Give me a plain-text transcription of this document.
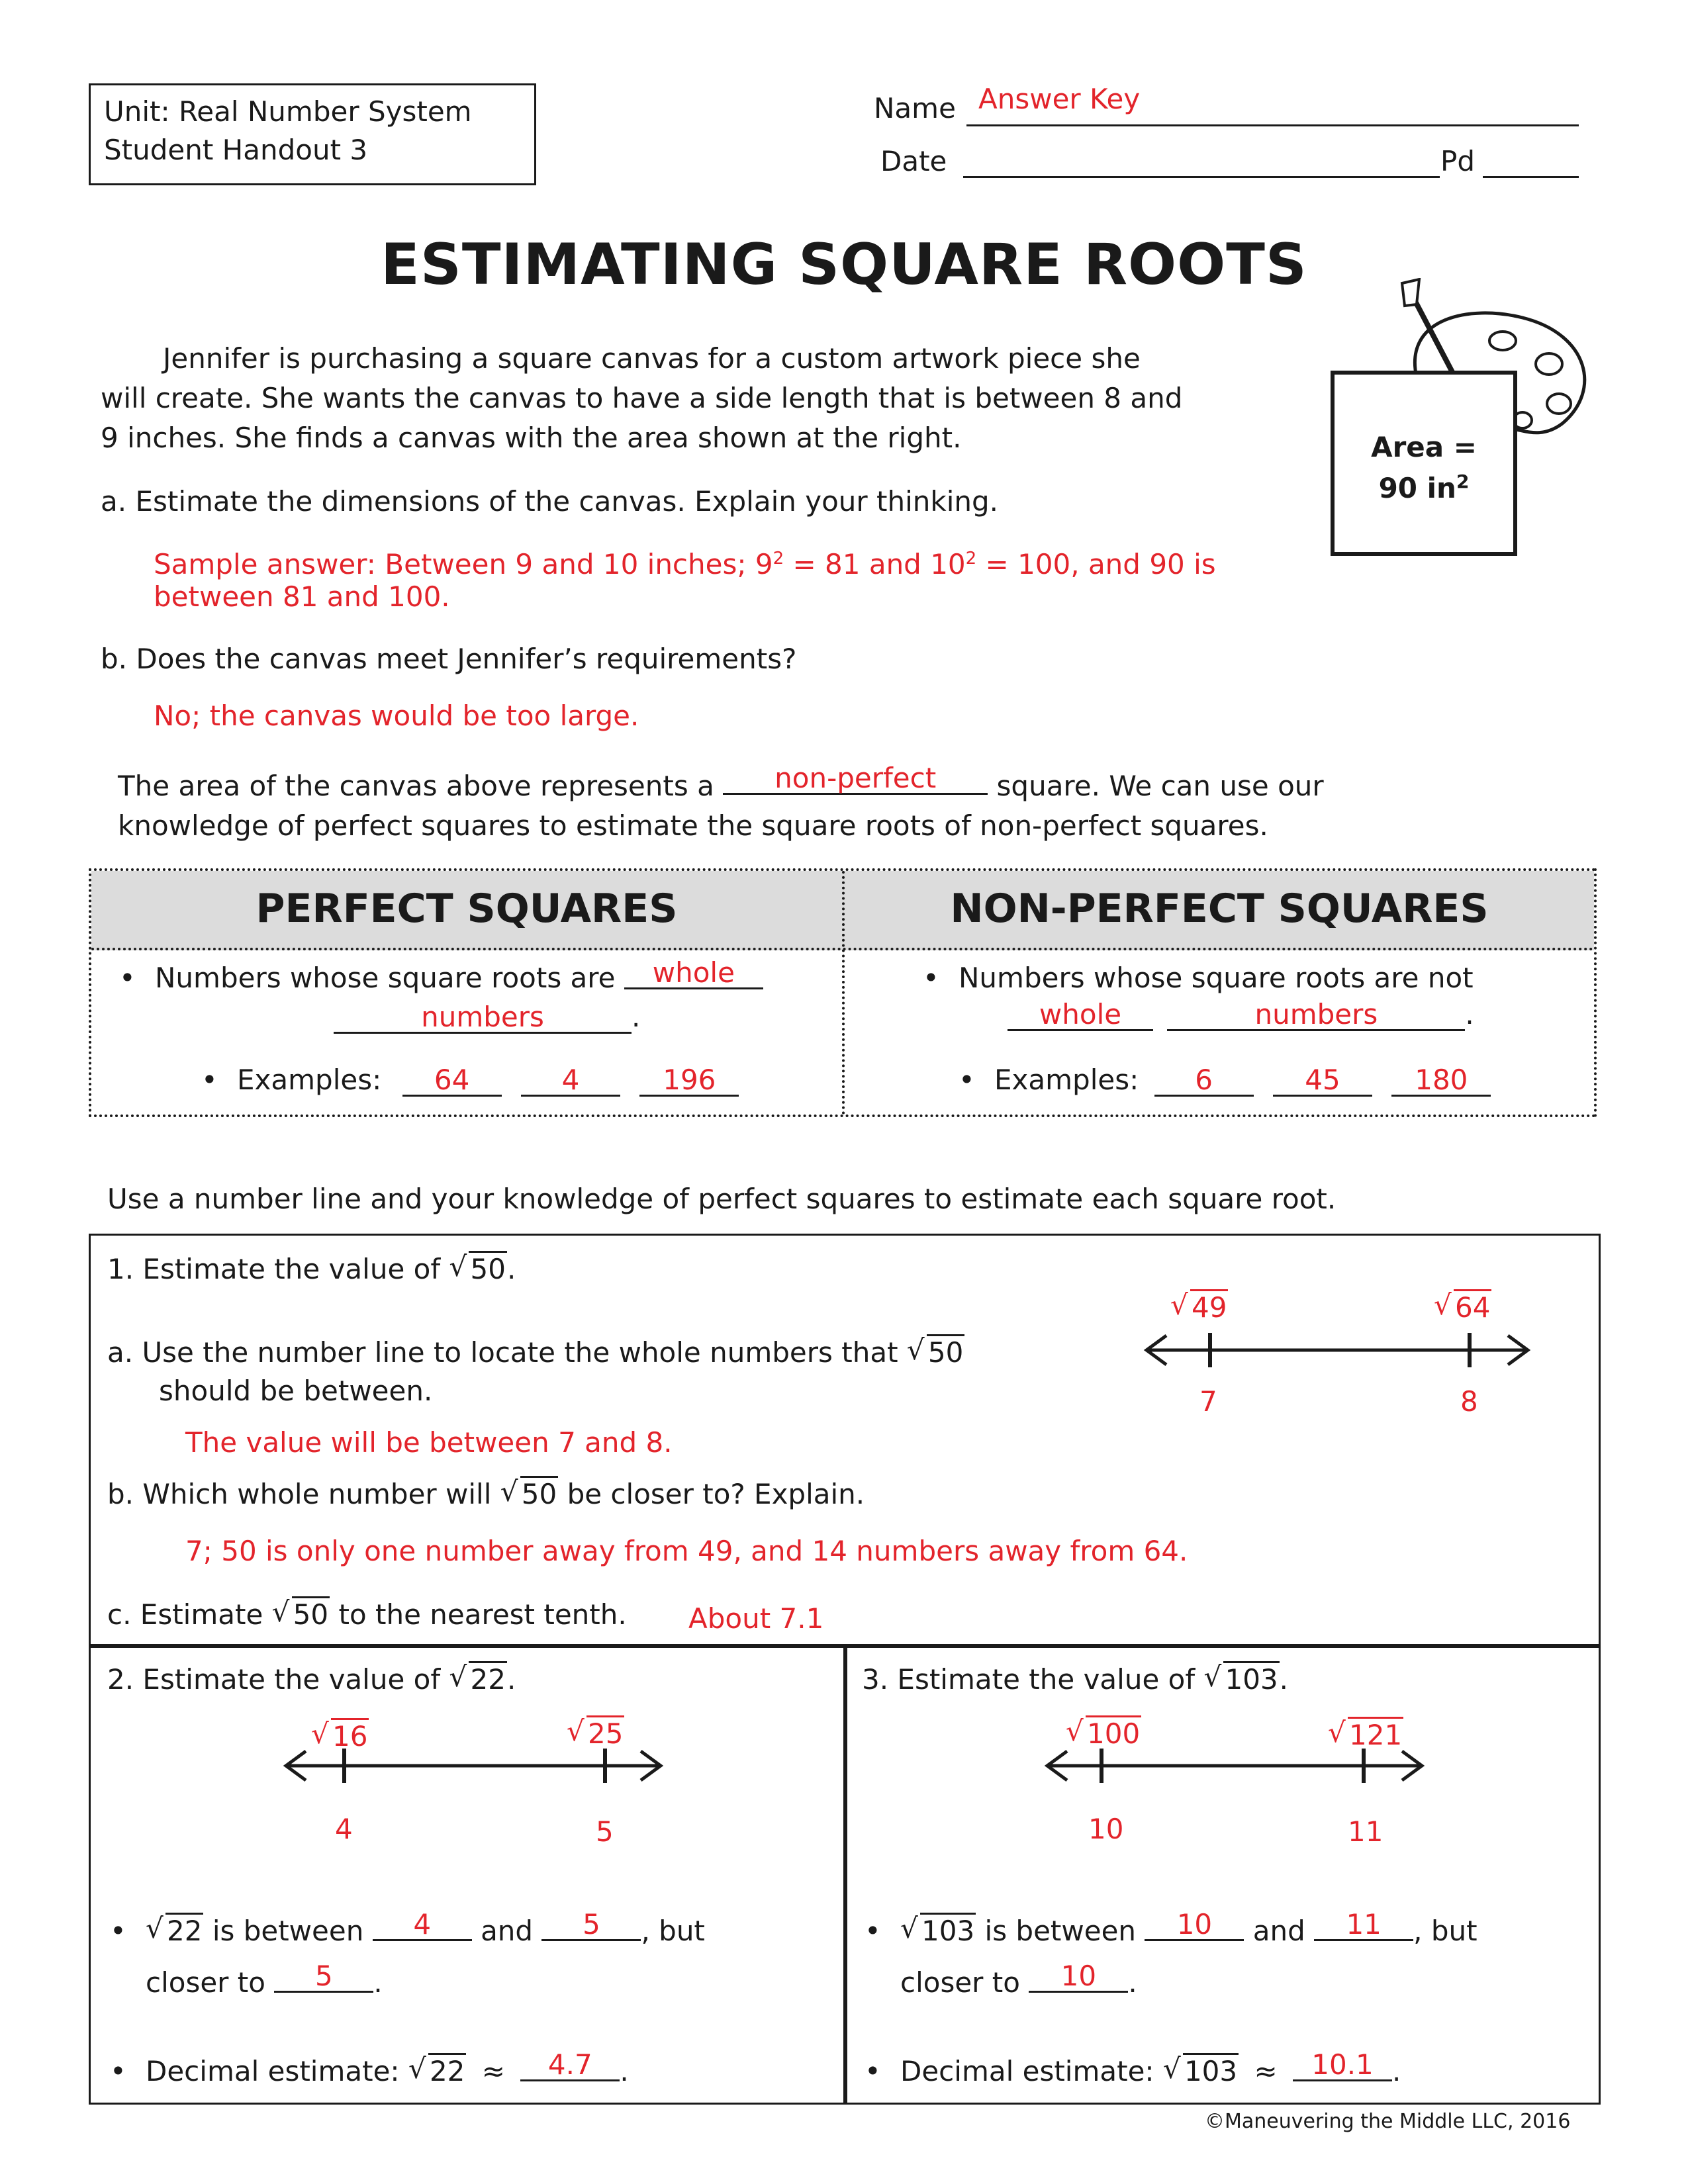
Unit: Real Number System
Student Handout 3
Name Answer Key
Date	Pd
ESTIMATING SQUARE ROOTS
Jennifer is purchasing a square canvas for a custom artwork piece she
will create. She wants the canvas to have a side length that is between 8 and
9 inches. She finds a canvas with the area shown at the right.	Area =
90 $in^2$
a. Estimate the dimensions of the canvas. Explain your thinking.
Sample answer: Between 9 and 10 inches; $9^2 = 81$ and $10^2 = 100$, and 90 is
between 81 and 100.
b. Does the canvas meet Jennifer’s requirements?
No; the canvas would be too large.
The area of the canvas above represents a non-perfect square. We can use our
knowledge of perfect squares to estimate the square roots of non-perfect squares.
PERFECT SQUARES	NON-PERFECT SQUARES
• Numbers whose square roots are whole
numbers	.
• Examples: 64	4	196
• Numbers whose square roots are not
whole	numbers	.
• Examples: 6	45	180
Use a number line and your knowledge of perfect squares to estimate each square root.
1. Estimate the value of √ 50.
a. Use the number line to locate the whole numbers that √ 50
should be between.
The value will be between 7 and 8.
b. Which whole number will √ 50 be closer to? Explain.
7; 50 is only one number away from 49, and 14 numbers away from 64.
c. Estimate √ 50 to the nearest tenth. About 7.1
√ 49	√ 64
7	8
2. Estimate the value of √ 22.
√ 16	√ 25
4	5
• √ 22 is between 4 and 5 , but
closer to 5 .
• Decimal estimate: √ 22 ≈ 4.7 .
3. Estimate the value of √ 103.
√ 100	√ 121
10	11
• √ 103 is between 10 and 11 , but
closer to 10 .
• Decimal estimate: √ 103 ≈ 10.1 .
©Maneuvering the Middle LLC, 2016
